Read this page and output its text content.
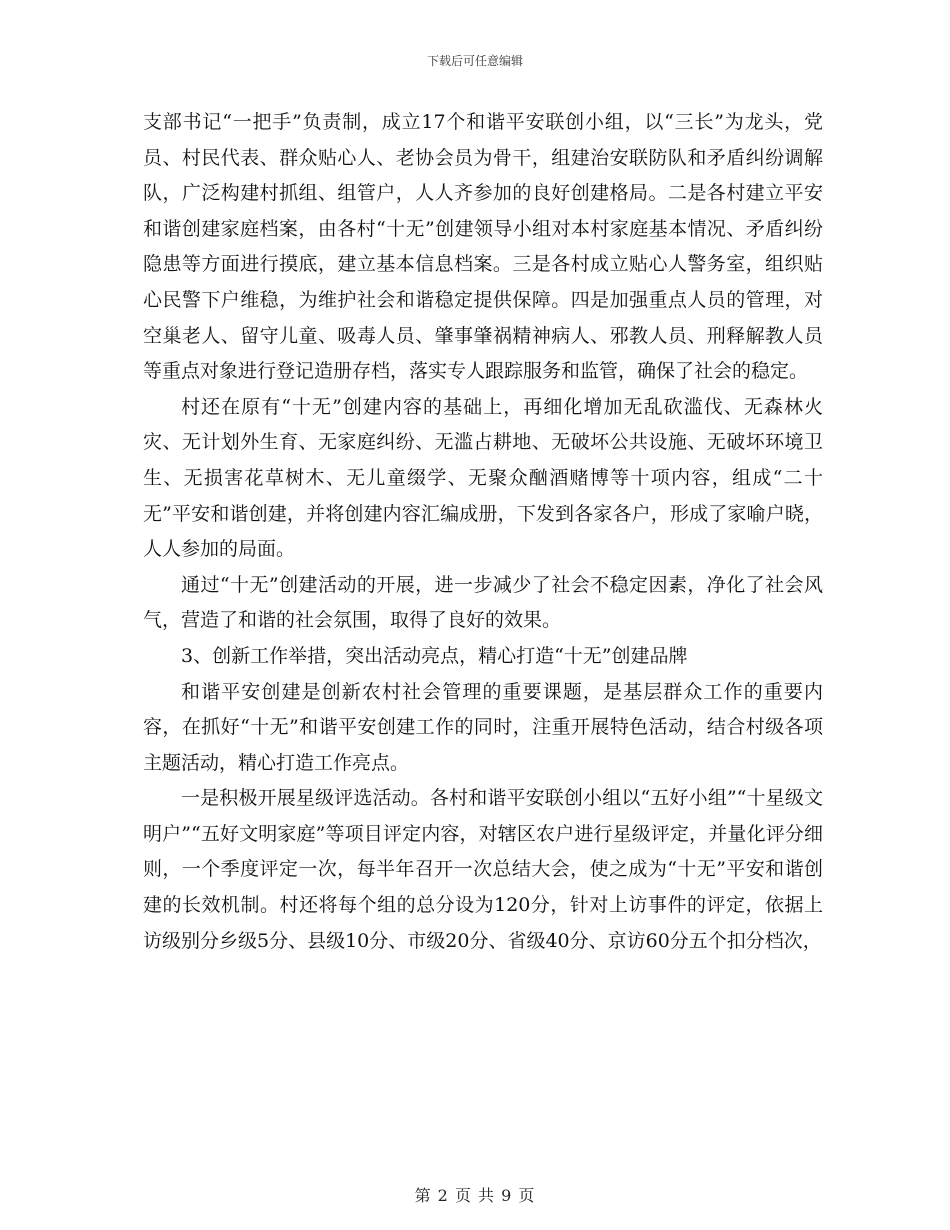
下载后可任意编辑

支部书记“一把手”负责制，成立17个和谐平安联创小组，以“三长”为龙头，党员、村民代表、群众贴心人、老协会员为骨干，组建治安联防队和矛盾纠纷调解队，广泛构建村抓组、组管户，人人齐参加的良好创建格局。二是各村建立平安和谐创建家庭档案，由各村“十无”创建领导小组对本村家庭基本情况、矛盾纠纷隐患等方面进行摸底，建立基本信息档案。三是各村成立贴心人警务室，组织贴心民警下户维稳，为维护社会和谐稳定提供保障。四是加强重点人员的管理，对空巢老人、留守儿童、吸毒人员、肇事肇祸精神病人、邪教人员、刑释解教人员等重点对象进行登记造册存档，落实专人跟踪服务和监管，确保了社会的稳定。

村还在原有“十无”创建内容的基础上，再细化增加无乱砍滥伐、无森林火灾、无计划外生育、无家庭纠纷、无滥占耕地、无破坏公共设施、无破坏环境卫生、无损害花草树木、无儿童缀学、无聚众酗酒赌博等十项内容，组成“二十无”平安和谐创建，并将创建内容汇编成册，下发到各家各户，形成了家喻户晓，人人参加的局面。

通过“十无”创建活动的开展，进一步减少了社会不稳定因素，净化了社会风气，营造了和谐的社会氛围，取得了良好的效果。

3、创新工作举措，突出活动亮点，精心打造“十无”创建品牌

和谐平安创建是创新农村社会管理的重要课题，是基层群众工作的重要内容，在抓好“十无”和谐平安创建工作的同时，注重开展特色活动，结合村级各项主题活动，精心打造工作亮点。

一是积极开展星级评选活动。各村和谐平安联创小组以“五好小组”“十星级文明户”“五好文明家庭”等项目评定内容，对辖区农户进行星级评定，并量化评分细则，一个季度评定一次，每半年召开一次总结大会，使之成为“十无”平安和谐创建的长效机制。村还将每个组的总分设为120分，针对上访事件的评定，依据上访级别分乡级5分、县级10分、市级20分、省级40分、京访60分五个扣分档次，

第 2 页 共 9 页
